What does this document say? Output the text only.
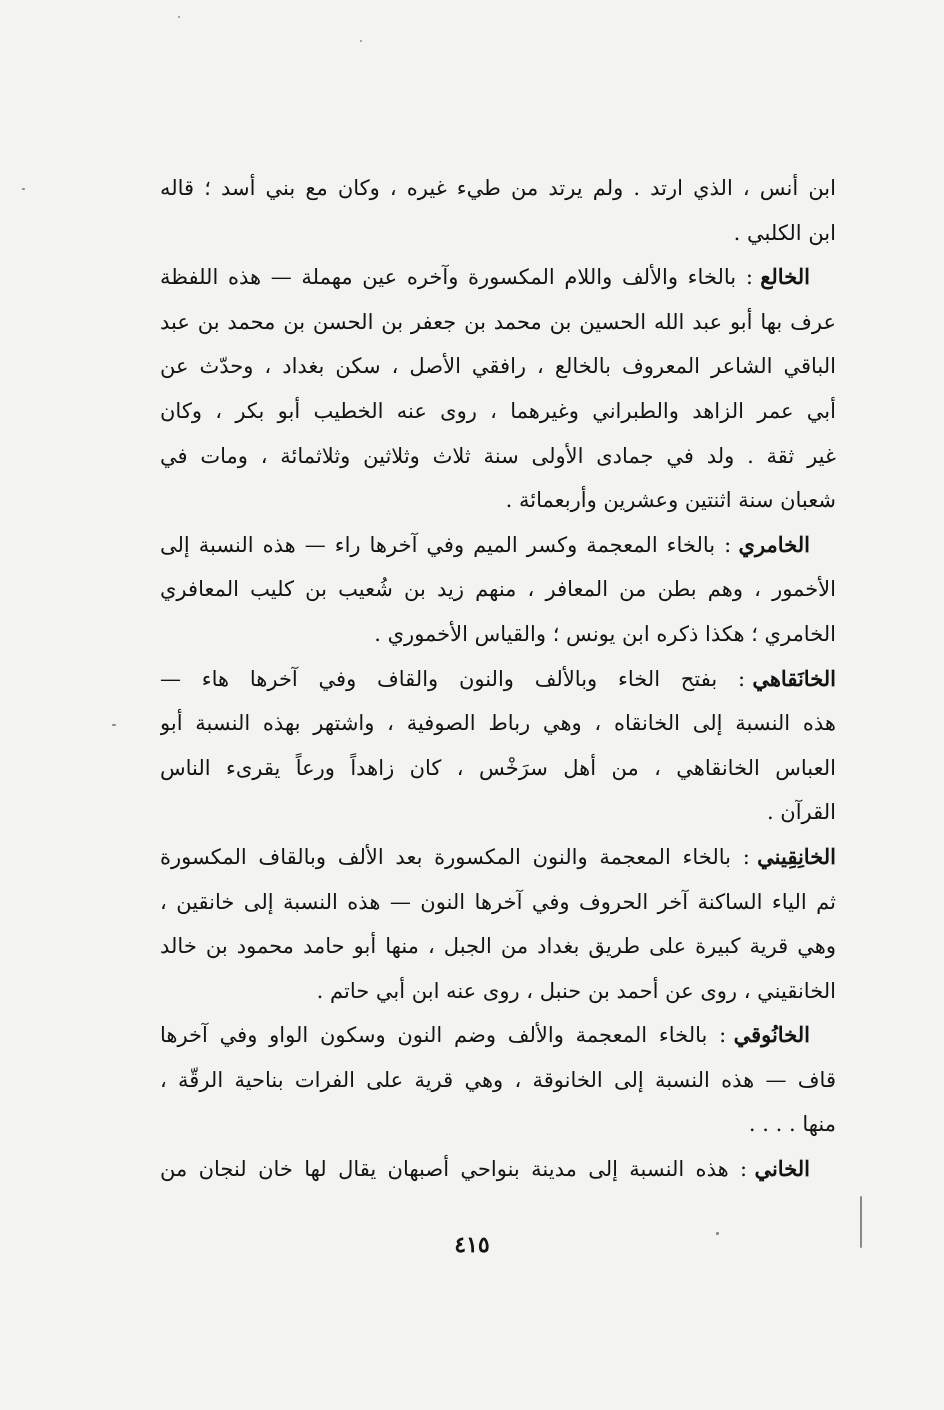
ابن أنس ، الذي ارتد . ولم يرتد من طيء غيره ، وكان مع بني أسد ؛ قاله
ابن الكلبي .
الخالع: بالخاء والألف واللام المكسورة وآخره عين مهملة — هذه اللفظة
عرف بها أبو عبد الله الحسين بن محمد بن جعفر بن الحسن بن محمد بن عبد
الباقي الشاعر المعروف بالخالع ، رافقي الأصل ، سكن بغداد ، وحدّث عن
أبي عمر الزاهد والطبراني وغيرهما ، روى عنه الخطيب أبو بكر ، وكان
غير ثقة . ولد في جمادى الأولى سنة ثلاث وثلاثين وثلاثمائة ، ومات في
شعبان سنة اثنتين وعشرين وأربعمائة .
الخامري: بالخاء المعجمة وكسر الميم وفي آخرها راء — هذه النسبة إلى
الأخمور ، وهم بطن من المعافر ، منهم زيد بن شُعيب بن كليب المعافري
الخامري ؛ هكذا ذكره ابن يونس ؛ والقياس الأخموري .
الخانَقاهي: بفتح الخاء وبالألف والنون والقاف وفي آخرها هاء —
هذه النسبة إلى الخانقاه ، وهي رباط الصوفية ، واشتهر بهذه النسبة أبو
العباس الخانقاهي ، من أهل سرَخْس ، كان زاهداً ورعاً يقرىء الناس
القرآن .
الخانِقِيني: بالخاء المعجمة والنون المكسورة بعد الألف وبالقاف المكسورة
ثم الياء الساكنة آخر الحروف وفي آخرها النون — هذه النسبة إلى خانقين ،
وهي قرية كبيرة على طريق بغداد من الجبل ، منها أبو حامد محمود بن خالد
الخانقيني ، روى عن أحمد بن حنبل ، روى عنه ابن أبي حاتم .
الخانُوقي: بالخاء المعجمة والألف وضم النون وسكون الواو وفي آخرها
قاف — هذه النسبة إلى الخانوقة ، وهي قرية على الفرات بناحية الرقّة ،
منها . . . .
الخاني: هذه النسبة إلى مدينة بنواحي أصبهان يقال لها خان لنجان من
٤١٥
